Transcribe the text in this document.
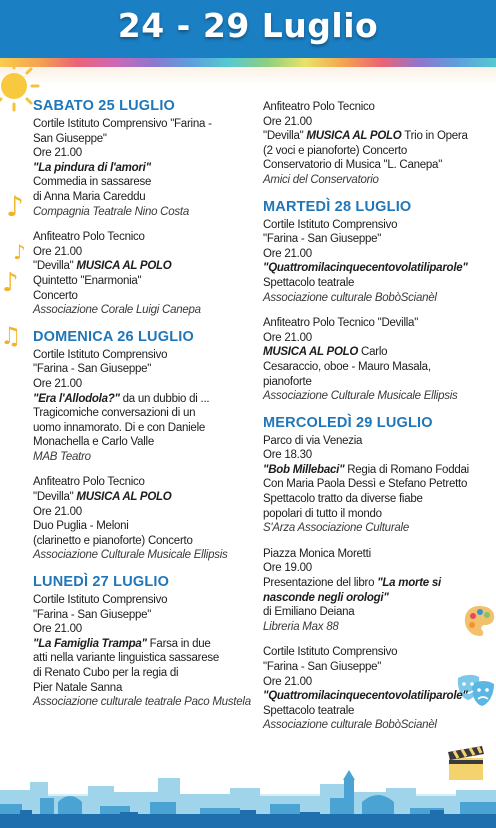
24 - 29 Luglio
♪
♪
♪
♫
SABATO 25 LUGLIO
Cortile Istituto Comprensivo "Farina -
San Giuseppe"
Ore 21.00
"La pindura di l'amori"
Commedia in sassarese
di Anna Maria Careddu
Compagnia Teatrale Nino Costa
Anfiteatro Polo Tecnico
Ore 21.00
"Devilla" MUSICA AL POLO
Quintetto "Enarmonia"
Concerto
Associazione Corale Luigi Canepa
DOMENICA 26 LUGLIO
Cortile Istituto Comprensivo
"Farina - San Giuseppe"
Ore 21.00
"Era l'Allodola?" da un dubbio di ...
Tragicomiche conversazioni di un
uomo innamorato. Di e con Daniele
Monachella e Carlo Valle
MAB Teatro
Anfiteatro Polo Tecnico
"Devilla" MUSICA AL POLO
Ore 21.00
Duo Puglia - Meloni
(clarinetto e pianoforte) Concerto
Associazione Culturale Musicale Ellipsis
LUNEDÌ 27 LUGLIO
Cortile Istituto Comprensivo
"Farina - San Giuseppe"
Ore 21.00
"La Famiglia Trampa" Farsa in due
atti nella variante linguistica sassarese
di Renato Cubo per la regia di
Pier Natale Sanna
Associazione culturale teatrale Paco Mustela
Anfiteatro Polo Tecnico
Ore 21.00
"Devilla" MUSICA AL POLO Trio in Opera
(2 voci e pianoforte) Concerto
Conservatorio di Musica "L. Canepa"
Amici del Conservatorio
MARTEDÌ 28 LUGLIO
Cortile Istituto Comprensivo
"Farina - San Giuseppe"
Ore 21.00
"Quattromilacinquecentovolatiliparole"
Spettacolo teatrale
Associazione culturale BobòScianèl
Anfiteatro Polo Tecnico "Devilla"
Ore 21.00
MUSICA AL POLO Carlo
Cesaraccio, oboe - Mauro Masala,
pianoforte
Associazione Culturale Musicale Ellipsis
MERCOLEDÌ 29 LUGLIO
Parco di via Venezia
Ore 18.30
"Bob Millebaci" Regia di Romano Foddai
Con Maria Paola Dessì e Stefano Petretto
Spettacolo tratto da diverse fiabe
popolari di tutto il mondo
S'Arza Associazione Culturale
Piazza Monica Moretti
Ore 19.00
Presentazione del libro "La morte si
nasconde negli orologi"
di Emiliano Deiana
Libreria Max 88
Cortile Istituto Comprensivo
"Farina - San Giuseppe"
Ore 21.00
"Quattromilacinquecentovolatiliparole"
Spettacolo teatrale
Associazione culturale BobòScianèl
